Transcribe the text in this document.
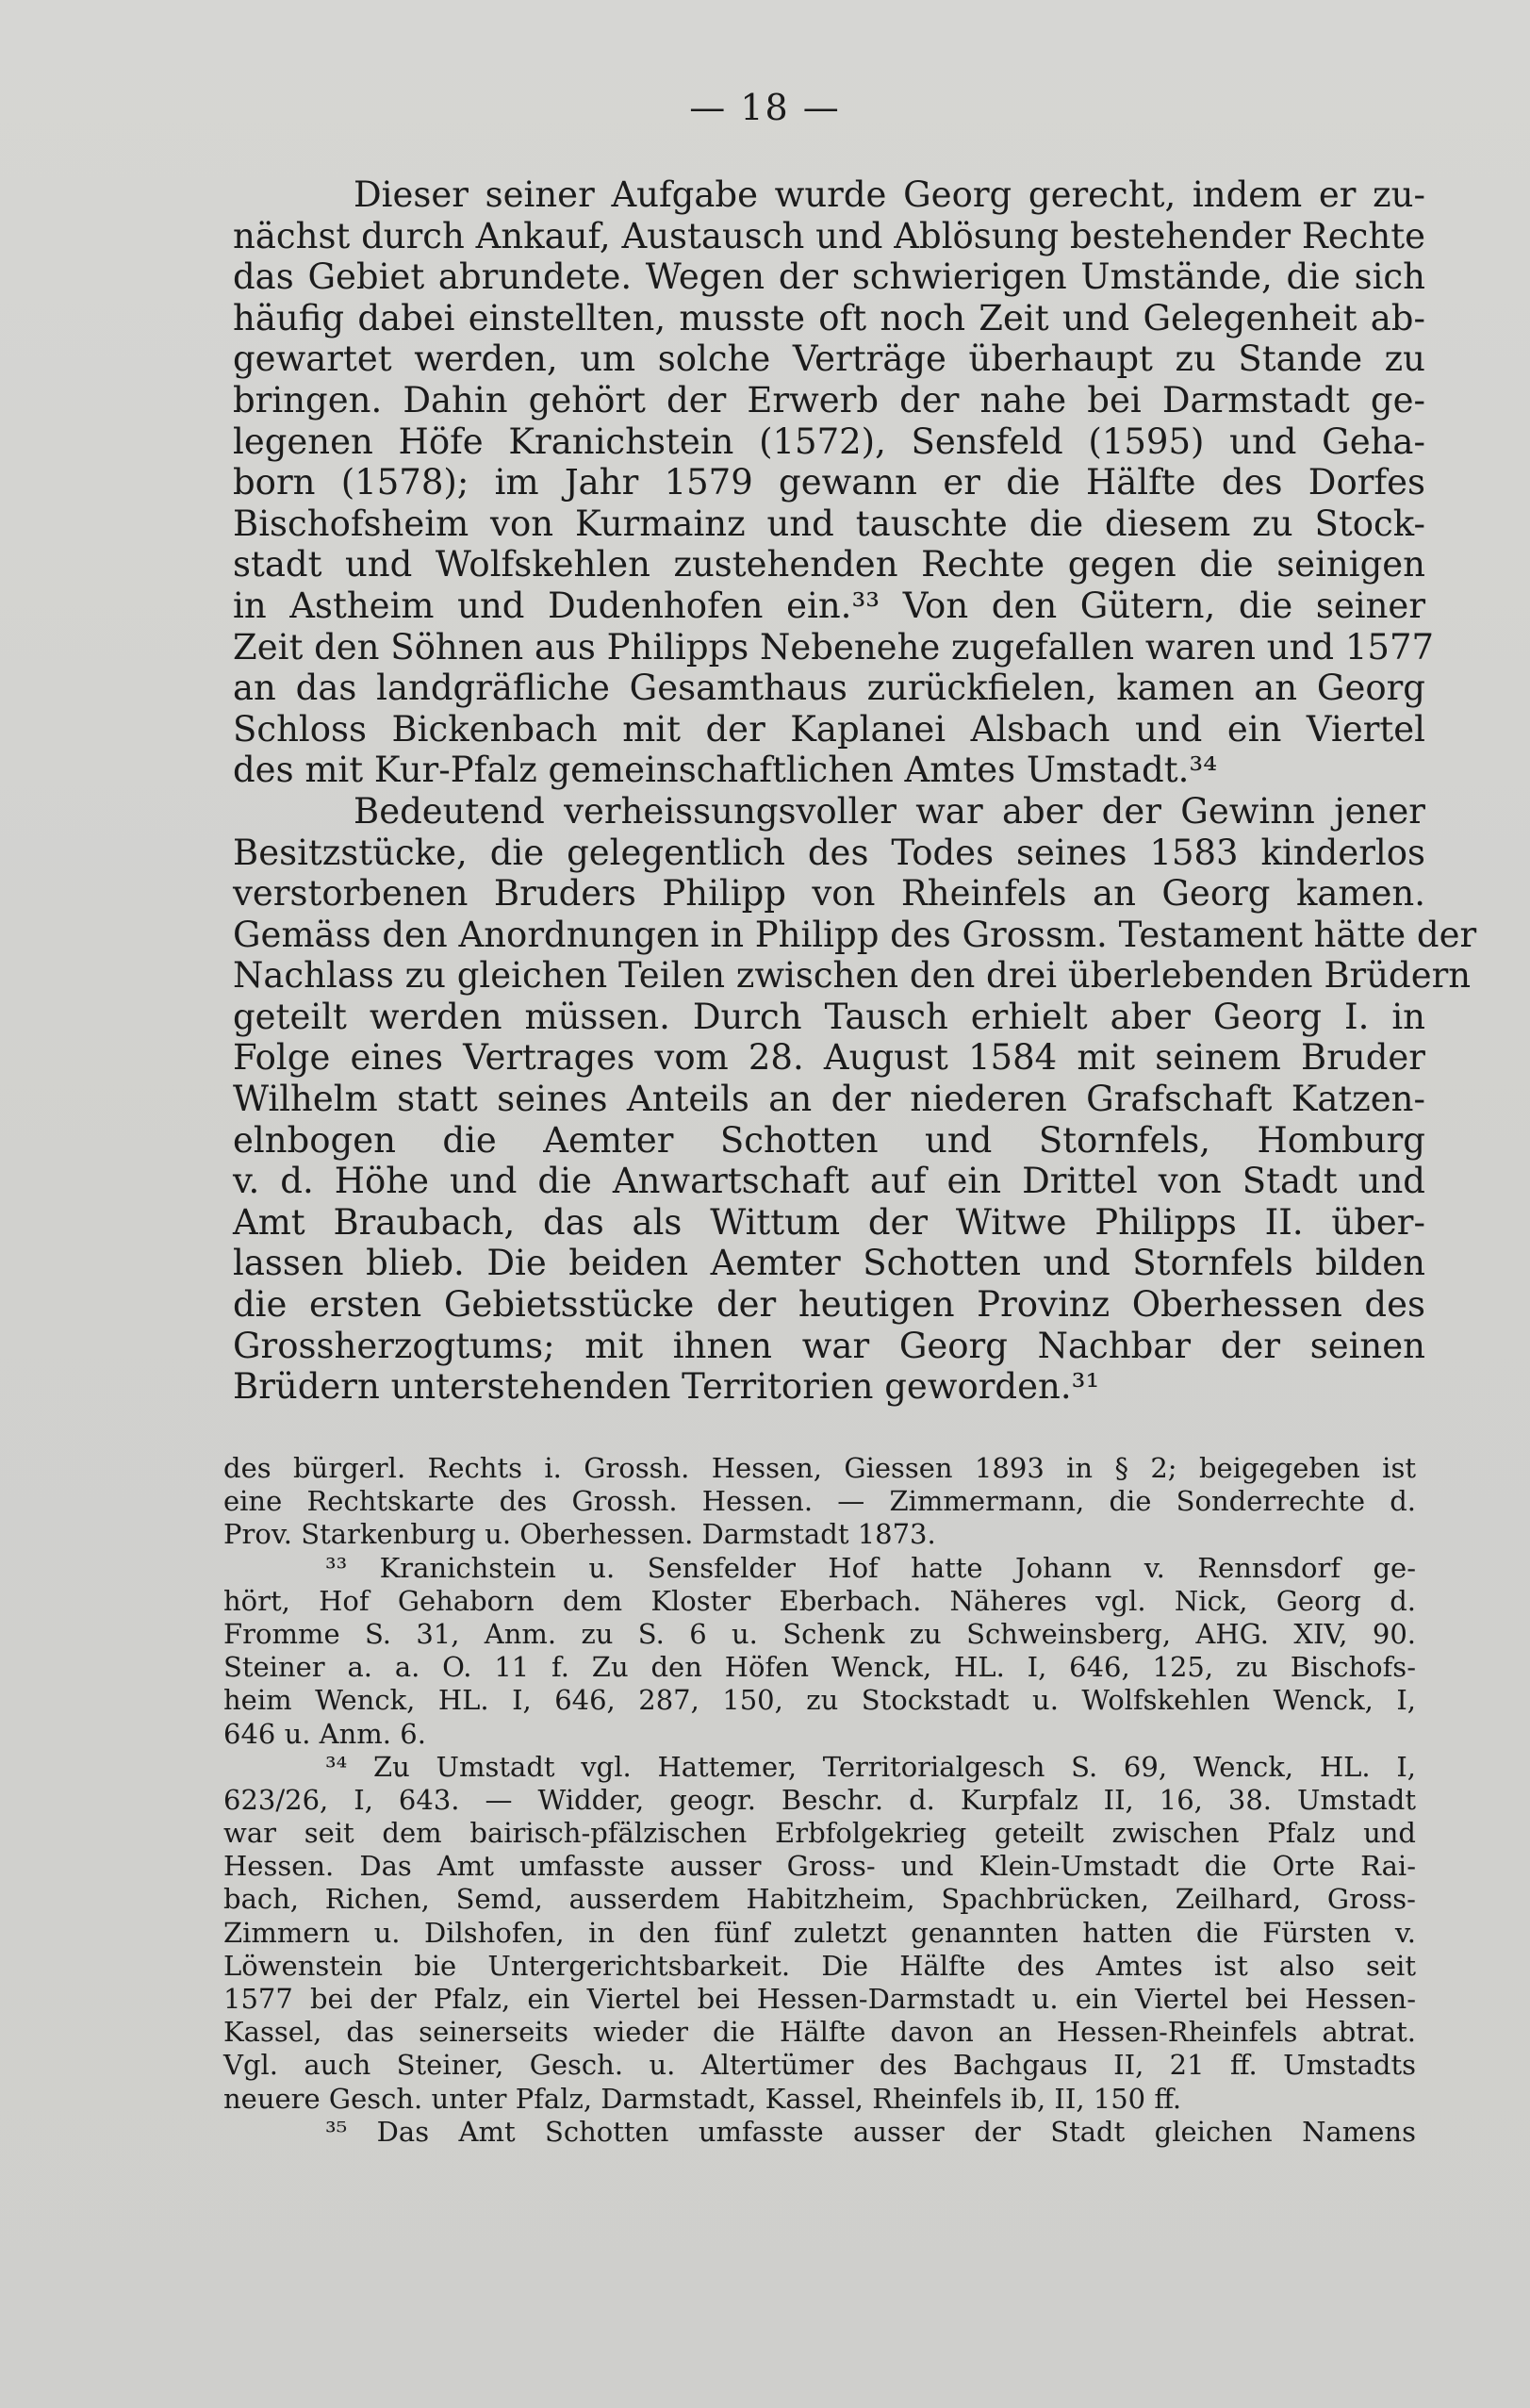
— 18 —
Dieser seiner Aufgabe wurde Georg gerecht, indem er zu-
nächst durch Ankauf, Austausch und Ablösung bestehender Rechte
das Gebiet abrundete. Wegen der schwierigen Umstände, die sich
häufig dabei einstellten, musste oft noch Zeit und Gelegenheit ab-
gewartet werden, um solche Verträge überhaupt zu Stande zu
bringen. Dahin gehört der Erwerb der nahe bei Darmstadt ge-
legenen Höfe Kranichstein (1572), Sensfeld (1595) und Geha-
born (1578); im Jahr 1579 gewann er die Hälfte des Dorfes
Bischofsheim von Kurmainz und tauschte die diesem zu Stock-
stadt und Wolfskehlen zustehenden Rechte gegen die seinigen
in Astheim und Dudenhofen ein.³³ Von den Gütern, die seiner
Zeit den Söhnen aus Philipps Nebenehe zugefallen waren und 1577
an das landgräfliche Gesamthaus zurückfielen, kamen an Georg
Schloss Bickenbach mit der Kaplanei Alsbach und ein Viertel
des mit Kur-Pfalz gemeinschaftlichen Amtes Umstadt.³⁴
Bedeutend verheissungsvoller war aber der Gewinn jener
Besitzstücke, die gelegentlich des Todes seines 1583 kinderlos
verstorbenen Bruders Philipp von Rheinfels an Georg kamen.
Gemäss den Anordnungen in Philipp des Grossm. Testament hätte der
Nachlass zu gleichen Teilen zwischen den drei überlebenden Brüdern
geteilt werden müssen. Durch Tausch erhielt aber Georg I. in
Folge eines Vertrages vom 28. August 1584 mit seinem Bruder
Wilhelm statt seines Anteils an der niederen Grafschaft Katzen-
elnbogen die Aemter Schotten und Stornfels, Homburg
v. d. Höhe und die Anwartschaft auf ein Drittel von Stadt und
Amt Braubach, das als Wittum der Witwe Philipps II. über-
lassen blieb. Die beiden Aemter Schotten und Stornfels bilden
die ersten Gebietsstücke der heutigen Provinz Oberhessen des
Grossherzogtums; mit ihnen war Georg Nachbar der seinen
Brüdern unterstehenden Territorien geworden.³¹
des bürgerl. Rechts i. Grossh. Hessen, Giessen 1893 in § 2; beigegeben ist
eine Rechtskarte des Grossh. Hessen. — Zimmermann, die Sonderrechte d.
Prov. Starkenburg u. Oberhessen. Darmstadt 1873.
³³ Kranichstein u. Sensfelder Hof hatte Johann v. Rennsdorf ge-
hört, Hof Gehaborn dem Kloster Eberbach. Näheres vgl. Nick, Georg d.
Fromme S. 31, Anm. zu S. 6 u. Schenk zu Schweinsberg, AHG. XIV, 90.
Steiner a. a. O. 11 f. Zu den Höfen Wenck, HL. I, 646, 125, zu Bischofs-
heim Wenck, HL. I, 646, 287, 150, zu Stockstadt u. Wolfskehlen Wenck, I,
646 u. Anm. 6.
³⁴ Zu Umstadt vgl. Hattemer, Territorialgesch S. 69, Wenck, HL. I,
623/26, I, 643. — Widder, geogr. Beschr. d. Kurpfalz II, 16, 38. Umstadt
war seit dem bairisch-pfälzischen Erbfolgekrieg geteilt zwischen Pfalz und
Hessen. Das Amt umfasste ausser Gross- und Klein-Umstadt die Orte Rai-
bach, Richen, Semd, ausserdem Habitzheim, Spachbrücken, Zeilhard, Gross-
Zimmern u. Dilshofen, in den fünf zuletzt genannten hatten die Fürsten v.
Löwenstein bie Untergerichtsbarkeit. Die Hälfte des Amtes ist also seit
1577 bei der Pfalz, ein Viertel bei Hessen-Darmstadt u. ein Viertel bei Hessen-
Kassel, das seinerseits wieder die Hälfte davon an Hessen-Rheinfels abtrat.
Vgl. auch Steiner, Gesch. u. Altertümer des Bachgaus II, 21 ff. Umstadts
neuere Gesch. unter Pfalz, Darmstadt, Kassel, Rheinfels ib, II, 150 ff.
³⁵ Das Amt Schotten umfasste ausser der Stadt gleichen Namens
